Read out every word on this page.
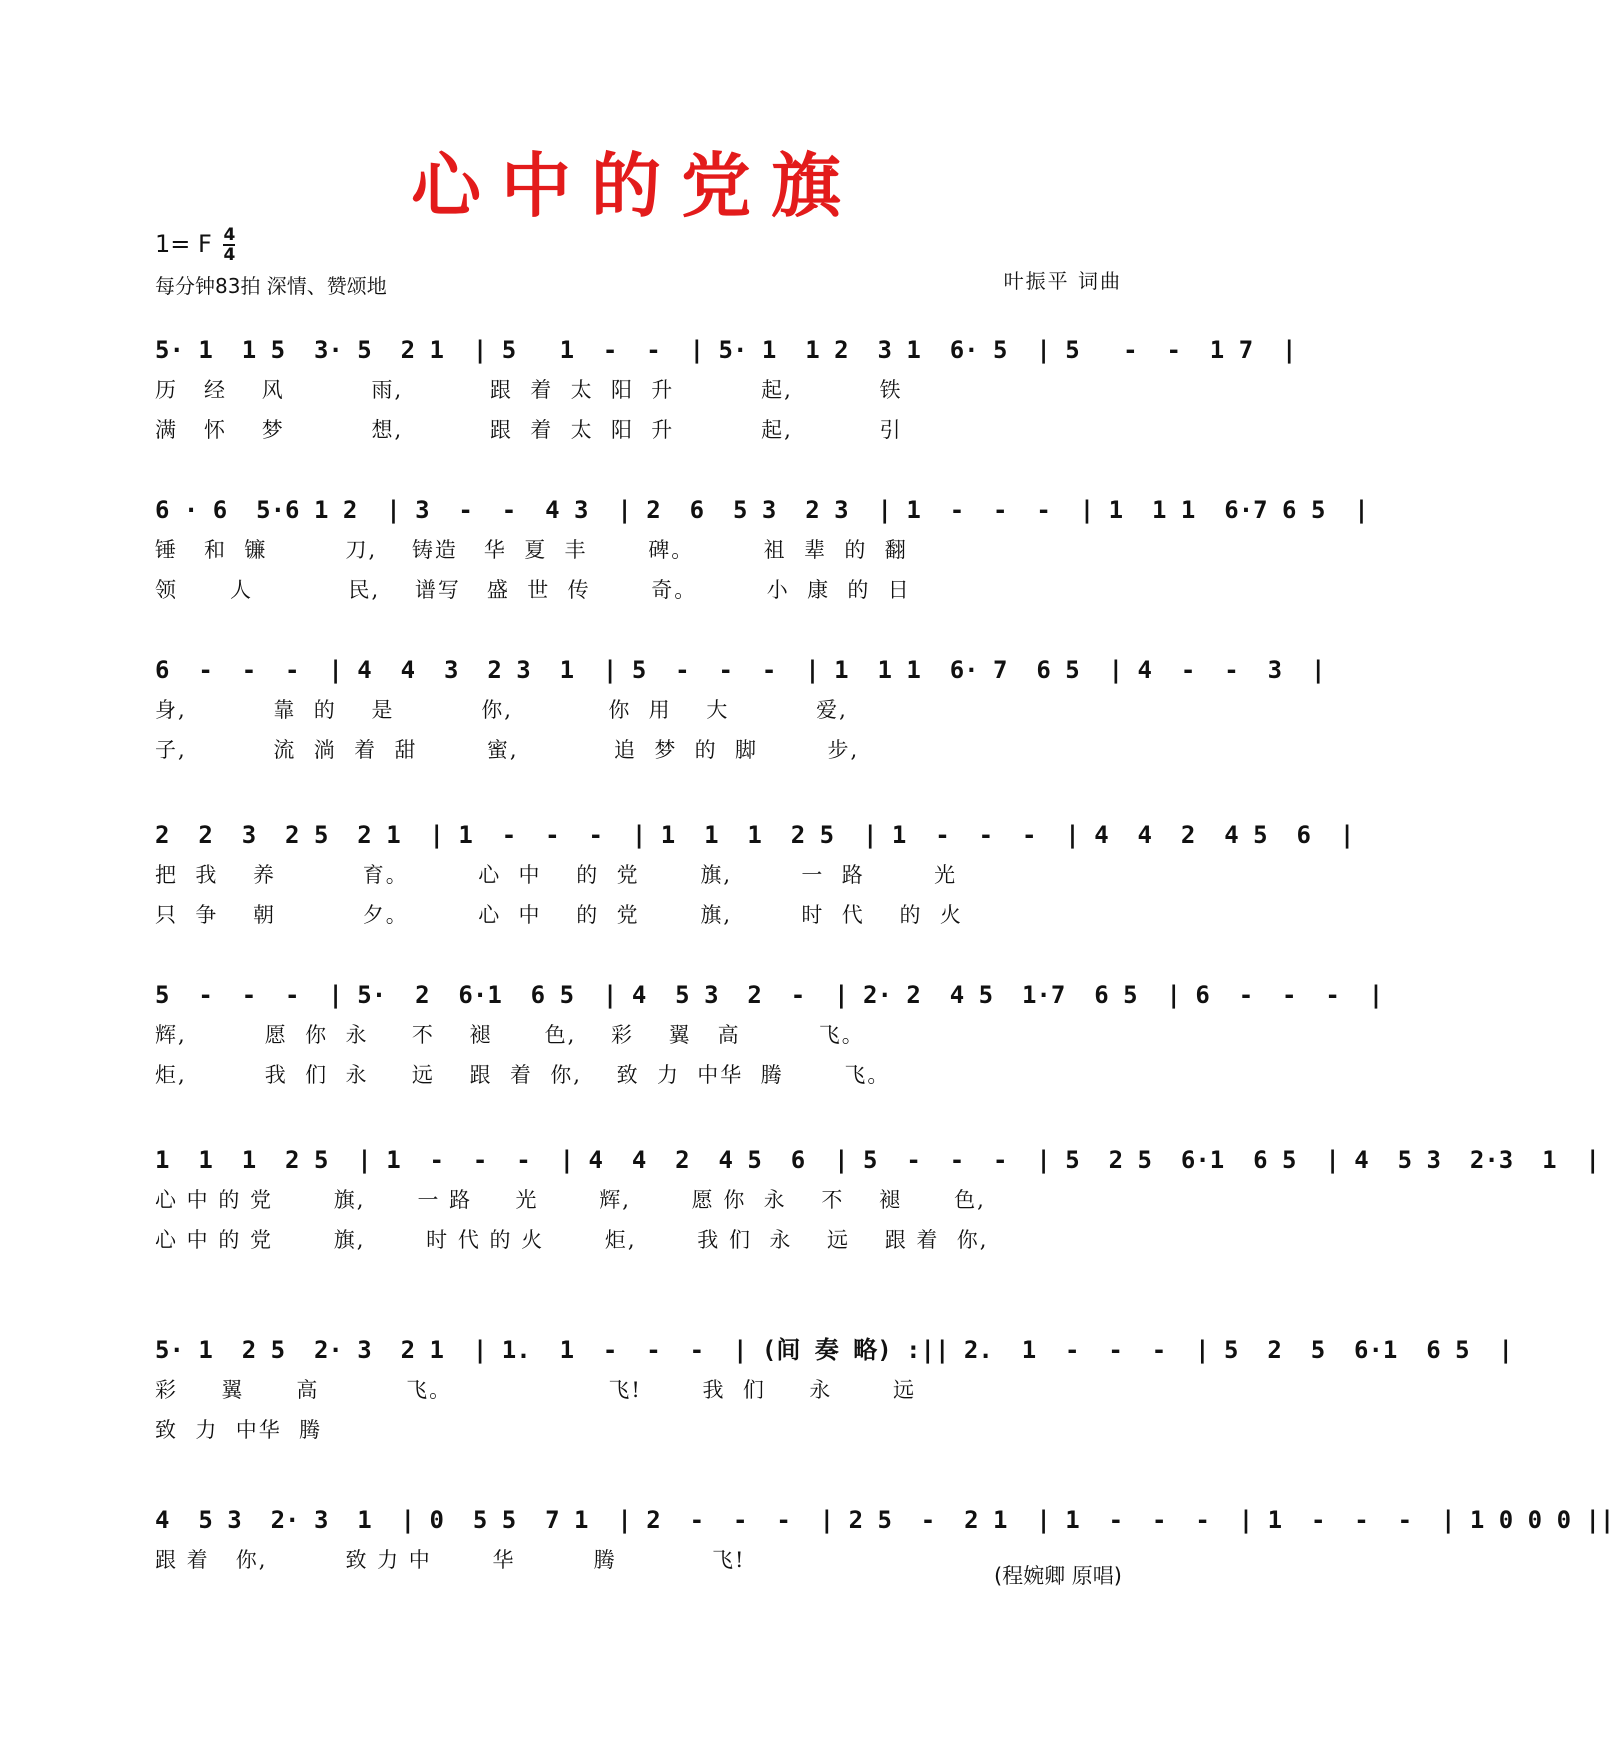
心中的党旗
1= F $\frac{4}{4}$
每分钟83拍 深情、赞颂地	叶振平 词曲
5· 1  1 5  3· 5  2 1  | 5   1  -  -  | 5· 1  1 2  3 1  6· 5  | 5   -  -  1 7  |
历   经    风          雨,          跟  着  太  阳  升          起,          铁
满   怀    梦          想,          跟  着  太  阳  升          起,          引
6 · 6  5·6 1 2  | 3  -  -  4 3  | 2  6  5 3  2 3  | 1  -  -  -  | 1  1 1  6·7 6 5  |
锤   和  镰         刀,    铸造   华  夏  丰       碑。        祖  辈  的  翻
领      人           民,    谱写   盛  世  传       奇。        小  康  的  日
6  -  -  -  | 4  4  3  2 3  1  | 5  -  -  -  | 1  1 1  6· 7  6 5  | 4  -  -  3  |
身,          靠  的    是          你,           你  用    大          爱,
子,          流  淌  着  甜        蜜,           追  梦  的  脚        步,
2  2  3  2 5  2 1  | 1  -  -  -  | 1  1  1  2 5  | 1  -  -  -  | 4  4  2  4 5  6  |
把  我    养          育。        心  中    的  党       旗,        一  路        光
只  争    朝          夕。        心  中    的  党       旗,        时  代    的  火
5  -  -  -  | 5·  2  6·1  6 5  | 4  5 3  2  -  | 2· 2  4 5  1·7  6 5  | 6  -  -  -  |
辉,         愿  你  永     不    褪      色,    彩    翼   高         飞。
炬,         我  们  永     远    跟  着  你,    致  力  中华  腾       飞。
1  1  1  2 5  | 1  -  -  -  | 4  4  2  4 5  6  | 5  -  -  -  | 5  2 5  6·1  6 5  | 4  5 3  2·3  1  |
心 中 的 党       旗,      一 路     光       辉,       愿 你  永    不    褪      色,
心 中 的 党       旗,       时 代 的 火       炬,       我 们  永    远    跟 着  你,
5· 1  2 5  2· 3  2 1  | 1.  1  -  -  -  | (间 奏 略) :|| 2.  1  -  -  -  | 5  2  5  6·1  6 5  |
彩     翼      高          飞。                  飞!       我  们     永       远
致  力  中华  腾
4  5 3  2· 3  1  | 0  5 5  7 1  | 2  -  -  -  | 2 5  -  2 1  | 1  -  -  -  | 1  -  -  -  | 1 0 0 0 ||
跟 着   你,         致 力 中       华         腾           飞!
(程婉卿 原唱)
